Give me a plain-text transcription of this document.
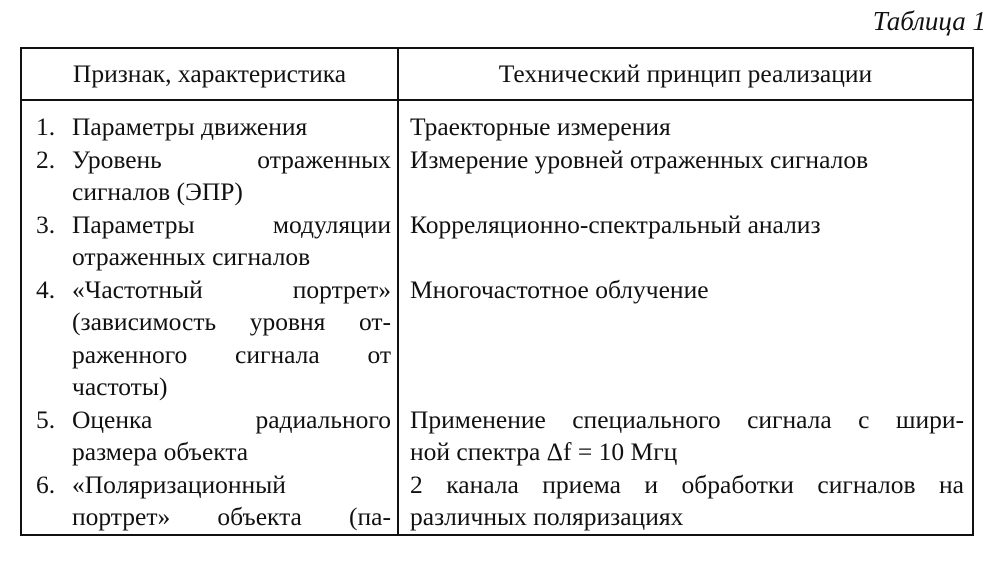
Таблица 1

Признак, характеристика	Технический принцип реализации

1. Параметры движения	Траекторные измерения

2. Уровень отраженных
сигналов (ЭПР)	Измерение уровней отраженных сигналов

3. Параметры модуляции
отраженных сигналов	Корреляционно-спектральный анализ

4. «Частотный портрет»
(зависимость уровня от-
раженного сигнала от
частоты)	Многочастотное облучение

5. Оценка радиального
размера объекта	Применение специального сигнала с шири-
ной спектра Δf = 10 Мгц

6. «Поляризационный
портрет» объекта (па-	2 канала приема и обработки сигналов на
различных поляризациях
